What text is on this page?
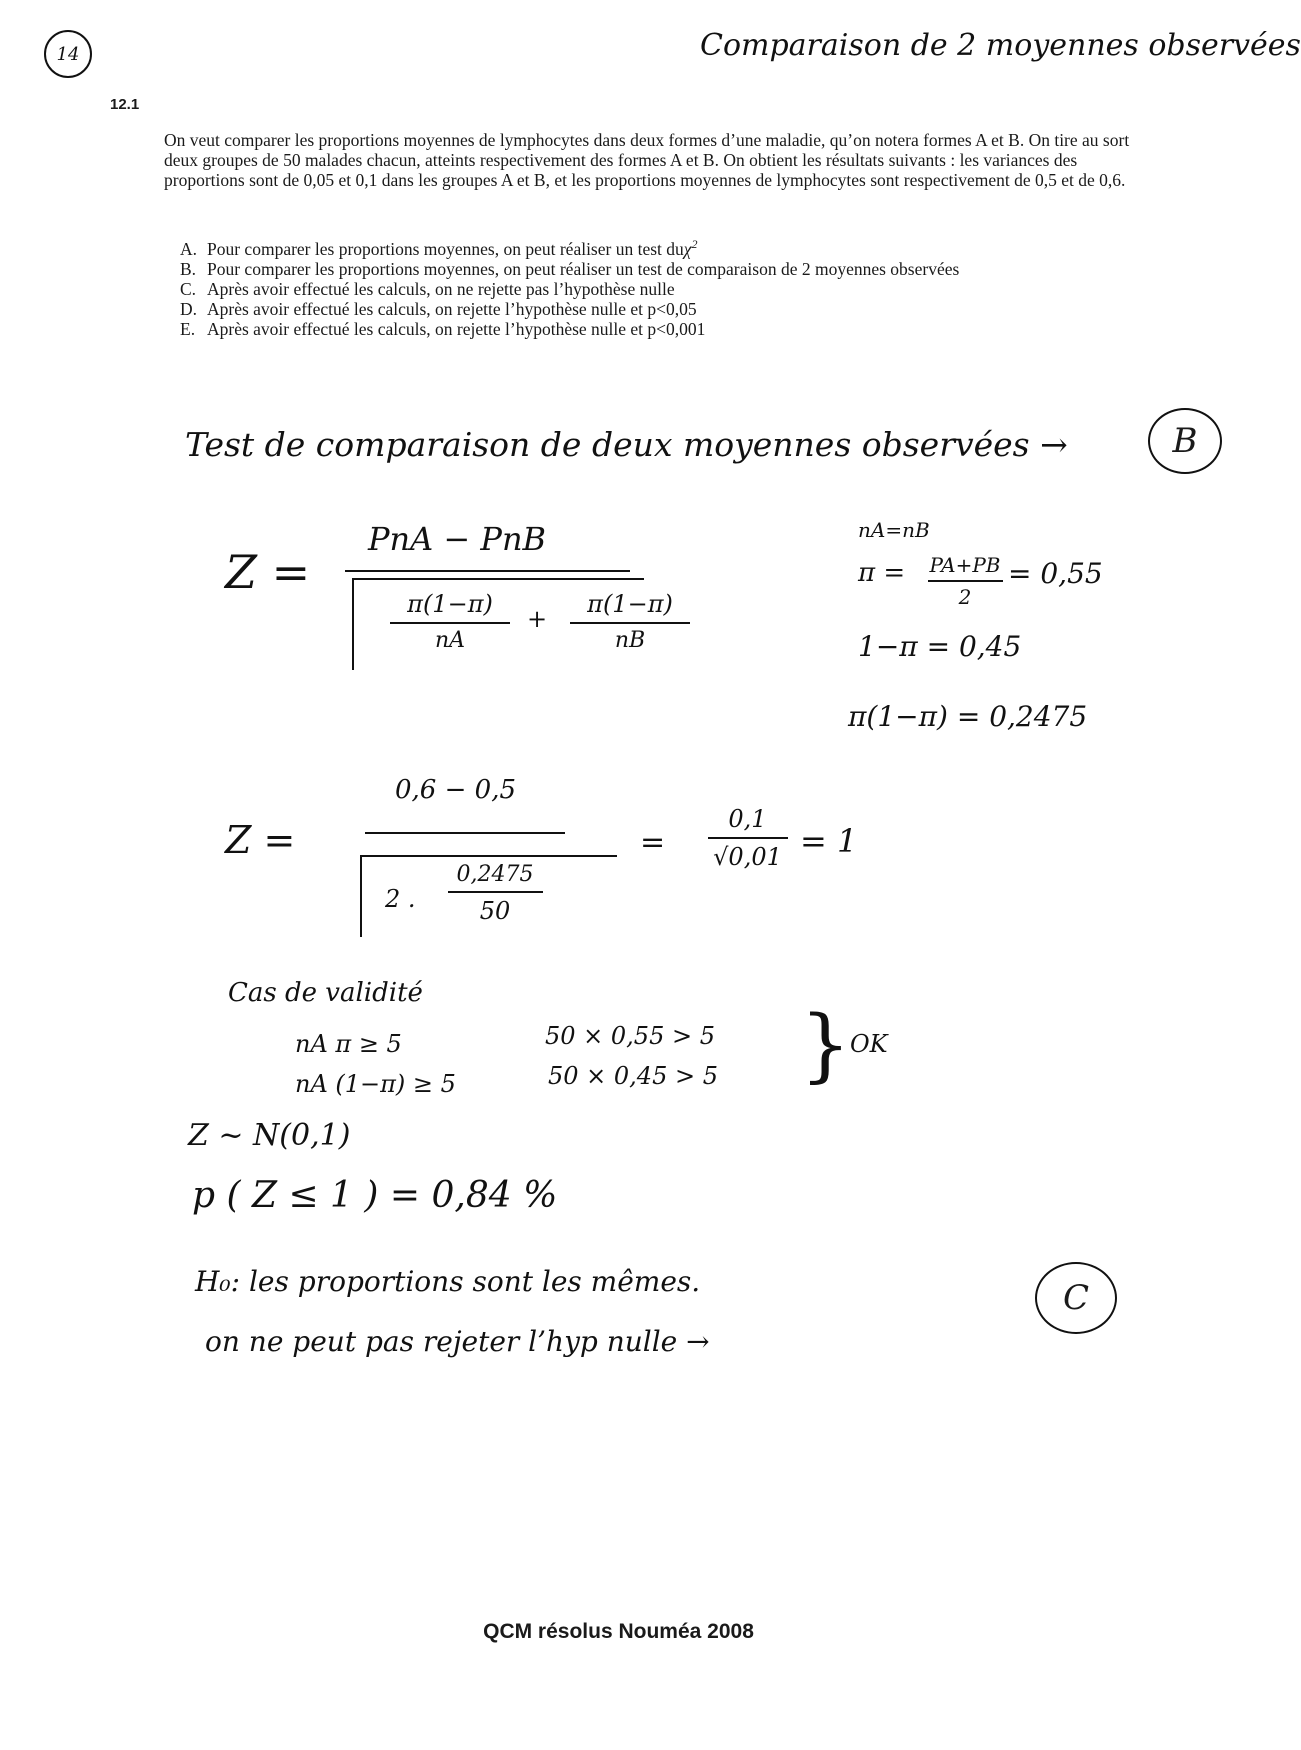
14	Comparaison de 2 moyennes observées
12.1
On veut comparer les proportions moyennes de lymphocytes dans deux formes d’une maladie, qu’on notera formes A et B. On tire au sort deux groupes de 50 malades chacun, atteints respectivement des formes A et B. On obtient les résultats suivants : les variances des proportions sont de 0,05 et 0,1 dans les groupes A et B, et les proportions moyennes de lymphocytes sont respectivement de 0,5 et de 0,6.
A. Pour comparer les proportions moyennes, on peut réaliser un test duχ$^2$
B. Pour comparer les proportions moyennes, on peut réaliser un test de comparaison de 2 moyennes observées
C. Après avoir effectué les calculs, on ne rejette pas l’hypothèse nulle
D. Après avoir effectué les calculs, on rejette l’hypothèse nulle et p<0,05
E. Après avoir effectué les calculs, on rejette l’hypothèse nulle et p<0,001
Test de comparaison de deux moyennes observées →	B
Z =
PnA − PnB
π(1−π)
nA
+
π(1−π)
nB
nA=nB
π = PA+PB
2
= 0,55
1−π = 0,45
π(1−π) = 0,2475
Z =
0,6 − 0,5
2 .
0,2475
50
=
0,1
√0,01 = 1
Cas de validité
nA π ≥ 5
nA (1−π) ≥ 5
50 × 0,55 > 5
50 × 0,45 > 5 } OK
Z ~ N(0,1)
p ( Z ≤ 1 ) = 0,84 %
H₀: les proportions sont les mêmes.
on ne peut pas rejeter l’hyp nulle →
C
QCM résolus Nouméa 2008
